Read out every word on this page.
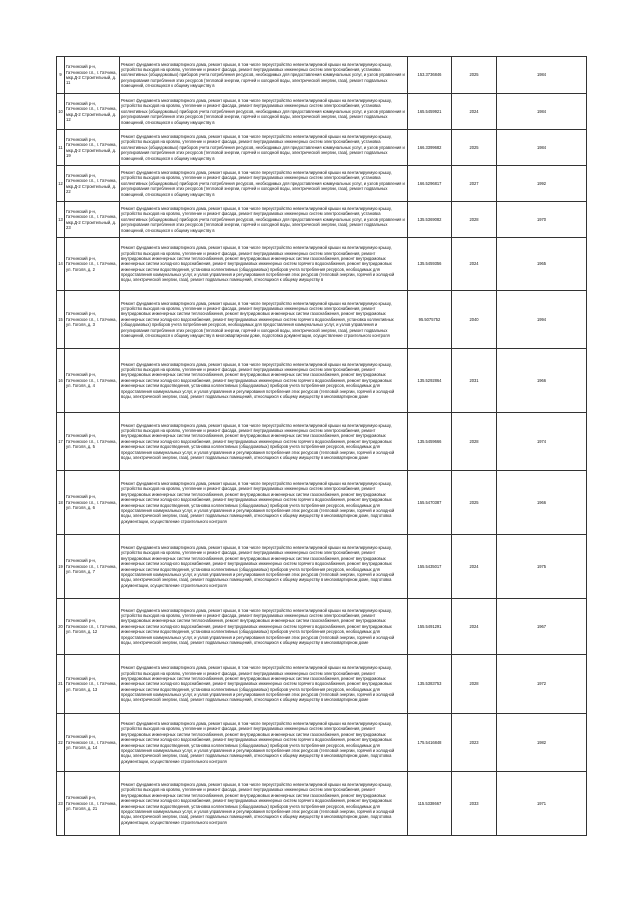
9	Гатчинский р-н, Гатчинское г.п., г. Гатчина, мкр.Д-2 Строительный, д. 11	Ремонт фундамента многоквартирного дома, ремонт крыши, в том числе переустройство невентилируемой крыши на вентилируемую крышу, устройство выходов на кровлю, утепление и ремонт фасада, ремонт внутридомовых инженерных систем электроснабжения, установка коллективных (общедомовых) приборов учета потребления ресурсов, необходимых для предоставления коммунальных услуг, и узлов управления и регулирования потребления этих ресурсов (тепловой энергии, горячей и холодной воды, электрической энергии, газа), ремонт подвальных помещений, относящихся к общему имуществу в	153.3736846	2025	1984
10	Гатчинский р-н, Гатчинское г.п., г. Гатчина, мкр.Д-2 Строительный, д. 12	Ремонт фундамента многоквартирного дома, ремонт крыши, в том числе переустройство невентилируемой крыши на вентилируемую крышу, устройство выходов на кровлю, утепление и ремонт фасада, ремонт внутридомовых инженерных систем электроснабжения, установка коллективных (общедомовых) приборов учета потребления ресурсов, необходимых для предоставления коммунальных услуг, и узлов управления и регулирования потребления этих ресурсов (тепловой энергии, горячей и холодной воды, электрической энергии, газа), ремонт подвальных помещений, относящихся к общему имуществу в	165.5459921	2024	1984
11	Гатчинский р-н, Гатчинское г.п., г. Гатчина, мкр.Д-2 Строительный, д. 19	Ремонт фундамента многоквартирного дома, ремонт крыши, в том числе переустройство невентилируемой крыши на вентилируемую крышу, устройство выходов на кровлю, утепление и ремонт фасада, ремонт внутридомовых инженерных систем электроснабжения, установка коллективных (общедомовых) приборов учета потребления ресурсов, необходимых для предоставления коммунальных услуг, и узлов управления и регулирования потребления этих ресурсов (тепловой энергии, горячей и холодной воды, электрической энергии, газа), ремонт подвальных помещений, относящихся к общему имуществу в	166.3399682	2025	1984
12	Гатчинский р-н, Гатчинское г.п., г. Гатчина, мкр.Д-2 Строительный, д. 22	Ремонт фундамента многоквартирного дома, ремонт крыши, в том числе переустройство невентилируемой крыши на вентилируемую крышу, устройство выходов на кровлю, утепление и ремонт фасада, ремонт внутридомовых инженерных систем электроснабжения, установка коллективных (общедомовых) приборов учета потребления ресурсов, необходимых для предоставления коммунальных услуг, и узлов управления и регулирования потребления этих ресурсов (тепловой энергии, горячей и холодной воды, электрической энергии, газа), ремонт подвальных помещений, относящихся к общему имуществу в	166.5296817	2027	1992
13	Гатчинский р-н, Гатчинское г.п., г. Гатчина, мкр.Д-2 Строительный, д. 23	Ремонт фундамента многоквартирного дома, ремонт крыши, в том числе переустройство невентилируемой крыши на вентилируемую крышу, устройство выходов на кровлю, утепление и ремонт фасада, ремонт внутридомовых инженерных систем электроснабжения, установка коллективных (общедомовых) приборов учета потребления ресурсов, необходимых для предоставления коммунальных услуг, и узлов управления и регулирования потребления этих ресурсов (тепловой энергии, горячей и холодной воды, электрической энергии, газа), ремонт подвальных помещений, относящихся к общему имуществу в	135.5369082	2028	1970
14	Гатчинский р-н, Гатчинское г.п., г. Гатчина, ул. Гоголя, д. 2	Ремонт фундамента многоквартирного дома, ремонт крыши, в том числе переустройство невентилируемой крыши на вентилируемую крышу, устройство выходов на кровлю, утепление и ремонт фасада, ремонт внутридомовых инженерных систем электроснабжения, ремонт внутридомовых инженерных систем теплоснабжения, ремонт внутридомовых инженерных систем газоснабжения, ремонт внутридомовых инженерных систем холодного водоснабжения, ремонт внутридомовых инженерных систем горячего водоснабжения, ремонт внутридомовых инженерных систем водоотведения, установка коллективных (общедомовых) приборов учета потребления ресурсов, необходимых для предоставления коммунальных услуг, и узлов управления и регулирования потребления этих ресурсов (тепловой энергии, горячей и холодной воды, электрической энергии, газа), ремонт подвальных помещений, относящихся к общему имуществу в	135.5459356	2024	1965
15	Гатчинский р-н, Гатчинское г.п., г. Гатчина, ул. Гоголя, д. 3	Ремонт фундамента многоквартирного дома, ремонт крыши, в том числе переустройство невентилируемой крыши на вентилируемую крышу, устройство выходов на кровлю, утепление и ремонт фасада, ремонт внутридомовых инженерных систем электроснабжения, ремонт внутридомовых инженерных систем теплоснабжения, ремонт внутридомовых инженерных систем газоснабжения, ремонт внутридомовых инженерных систем холодного водоснабжения, ремонт внутридомовых инженерных систем горячего водоснабжения, установка коллективных (общедомовых) приборов учета потребления ресурсов, необходимых для предоставления коммунальных услуг, и узлов управления и регулирования потребления этих ресурсов (тепловой энергии, горячей и холодной воды, электрической энергии, газа), ремонт подвальных помещений, относящихся к общему имуществу в многоквартирном доме, подготовка документации, осуществление строительного контроля	95.5075752	2040	1994
16	Гатчинский р-н, Гатчинское г.п., г. Гатчина, ул. Гоголя, д. 4	Ремонт фундамента многоквартирного дома, ремонт крыши, в том числе переустройство невентилируемой крыши на вентилируемую крышу, устройство выходов на кровлю, утепление и ремонт фасада, ремонт внутридомовых инженерных систем электроснабжения, ремонт внутридомовых инженерных систем теплоснабжения, ремонт внутридомовых инженерных систем газоснабжения, ремонт внутридомовых инженерных систем холодного водоснабжения, ремонт внутридомовых инженерных систем горячего водоснабжения, ремонт внутридомовых инженерных систем водоотведения, установка коллективных (общедомовых) приборов учета потребления ресурсов, необходимых для предоставления коммунальных услуг, и узлов управления и регулирования потребления этих ресурсов (тепловой энергии, горячей и холодной воды, электрической энергии, газа), ремонт подвальных помещений, относящихся к общему имуществу в многоквартирном доме	135.5292864	2031	1966
17	Гатчинский р-н, Гатчинское г.п., г. Гатчина, ул. Гоголя, д. 5	Ремонт фундамента многоквартирного дома, ремонт крыши, в том числе переустройство невентилируемой крыши на вентилируемую крышу, устройство выходов на кровлю, утепление и ремонт фасада, ремонт внутридомовых инженерных систем электроснабжения, ремонт внутридомовых инженерных систем теплоснабжения, ремонт внутридомовых инженерных систем газоснабжения, ремонт внутридомовых инженерных систем холодного водоснабжения, ремонт внутридомовых инженерных систем горячего водоснабжения, ремонт внутридомовых инженерных систем водоотведения, установка коллективных (общедомовых) приборов учета потребления ресурсов, необходимых для предоставления коммунальных услуг, и узлов управления и регулирования потребления этих ресурсов (тепловой энергии, горячей и холодной воды, электрической энергии, газа), ремонт подвальных помещений, относящихся к общему имуществу в многоквартирном доме	135.5459666	2028	1974
18	Гатчинский р-н, Гатчинское г.п., г. Гатчина, ул. Гоголя, д. 6	Ремонт фундамента многоквартирного дома, ремонт крыши, в том числе переустройство невентилируемой крыши на вентилируемую крышу, устройство выходов на кровлю, утепление и ремонт фасада, ремонт внутридомовых инженерных систем электроснабжения, ремонт внутридомовых инженерных систем теплоснабжения, ремонт внутридомовых инженерных систем газоснабжения, ремонт внутридомовых инженерных систем холодного водоснабжения, ремонт внутридомовых инженерных систем горячего водоснабжения, ремонт внутридомовых инженерных систем водоотведения, установка коллективных (общедомовых) приборов учета потребления ресурсов, необходимых для предоставления коммунальных услуг, и узлов управления и регулирования потребления этих ресурсов (тепловой энергии, горячей и холодной воды, электрической энергии, газа), ремонт подвальных помещений, относящихся к общему имуществу в многоквартирном доме, подготовка документации, осуществление строительного контроля	155.5470387	2025	1966
19	Гатчинский р-н, Гатчинское г.п., г. Гатчина, ул. Гоголя, д. 7	Ремонт фундамента многоквартирного дома, ремонт крыши, в том числе переустройство невентилируемой крыши на вентилируемую крышу, устройство выходов на кровлю, утепление и ремонт фасада, ремонт внутридомовых инженерных систем электроснабжения, ремонт внутридомовых инженерных систем теплоснабжения, ремонт внутридомовых инженерных систем газоснабжения, ремонт внутридомовых инженерных систем холодного водоснабжения, ремонт внутридомовых инженерных систем горячего водоснабжения, ремонт внутридомовых инженерных систем водоотведения, установка коллективных (общедомовых) приборов учета потребления ресурсов, необходимых для предоставления коммунальных услуг, и узлов управления и регулирования потребления этих ресурсов (тепловой энергии, горячей и холодной воды, электрической энергии, газа), ремонт подвальных помещений, относящихся к общему имуществу в многоквартирном доме, подготовка документации, осуществление строительного контроля	155.5435017	2024	1975
20	Гатчинский р-н, Гатчинское г.п., г. Гатчина, ул. Гоголя, д. 12	Ремонт фундамента многоквартирного дома, ремонт крыши, в том числе переустройство невентилируемой крыши на вентилируемую крышу, устройство выходов на кровлю, утепление и ремонт фасада, ремонт внутридомовых инженерных систем электроснабжения, ремонт внутридомовых инженерных систем теплоснабжения, ремонт внутридомовых инженерных систем газоснабжения, ремонт внутридомовых инженерных систем холодного водоснабжения, ремонт внутридомовых инженерных систем горячего водоснабжения, ремонт внутридомовых инженерных систем водоотведения, установка коллективных (общедомовых) приборов учета потребления ресурсов, необходимых для предоставления коммунальных услуг, и узлов управления и регулирования потребления этих ресурсов (тепловой энергии, горячей и холодной воды, электрической энергии, газа), ремонт подвальных помещений, относящихся к общему имуществу в многоквартирном доме	155.5491291	2024	1967
21	Гатчинский р-н, Гатчинское г.п., г. Гатчина, ул. Гоголя, д. 13	Ремонт фундамента многоквартирного дома, ремонт крыши, в том числе переустройство невентилируемой крыши на вентилируемую крышу, устройство выходов на кровлю, утепление и ремонт фасада, ремонт внутридомовых инженерных систем электроснабжения, ремонт внутридомовых инженерных систем теплоснабжения, ремонт внутридомовых инженерных систем газоснабжения, ремонт внутридомовых инженерных систем холодного водоснабжения, ремонт внутридомовых инженерных систем горячего водоснабжения, ремонт внутридомовых инженерных систем водоотведения, установка коллективных (общедомовых) приборов учета потребления ресурсов, необходимых для предоставления коммунальных услуг, и узлов управления и регулирования потребления этих ресурсов (тепловой энергии, горячей и холодной воды, электрической энергии, газа), ремонт подвальных помещений, относящихся к общему имуществу в многоквартирном доме	135.5383753	2028	1972
22	Гатчинский р-н, Гатчинское г.п., г. Гатчина, ул. Гоголя, д. 14	Ремонт фундамента многоквартирного дома, ремонт крыши, в том числе переустройство невентилируемой крыши на вентилируемую крышу, устройство выходов на кровлю, утепление и ремонт фасада, ремонт внутридомовых инженерных систем электроснабжения, ремонт внутридомовых инженерных систем теплоснабжения, ремонт внутридомовых инженерных систем газоснабжения, ремонт внутридомовых инженерных систем холодного водоснабжения, ремонт внутридомовых инженерных систем горячего водоснабжения, ремонт внутридомовых инженерных систем водоотведения, установка коллективных (общедомовых) приборов учета потребления ресурсов, необходимых для предоставления коммунальных услуг, и узлов управления и регулирования потребления этих ресурсов (тепловой энергии, горячей и холодной воды, электрической энергии, газа), ремонт подвальных помещений, относящихся к общему имуществу в многоквартирном доме, подготовка документации, осуществление строительного контроля	175.5416848	2023	1982
23	Гатчинский р-н, Гатчинское г.п., г. Гатчина, ул. Гоголя, д. 21	Ремонт фундамента многоквартирного дома, ремонт крыши, в том числе переустройство невентилируемой крыши на вентилируемую крышу, устройство выходов на кровлю, утепление и ремонт фасада, ремонт внутридомовых инженерных систем электроснабжения, ремонт внутридомовых инженерных систем теплоснабжения, ремонт внутридомовых инженерных систем газоснабжения, ремонт внутридомовых инженерных систем холодного водоснабжения, ремонт внутридомовых инженерных систем горячего водоснабжения, ремонт внутридомовых инженерных систем водоотведения, установка коллективных (общедомовых) приборов учета потребления ресурсов, необходимых для предоставления коммунальных услуг, и узлов управления и регулирования потребления этих ресурсов (тепловой энергии, горячей и холодной воды, электрической энергии, газа), ремонт подвальных помещений, относящихся к общему имуществу в многоквартирном доме, подготовка документации, осуществление строительного контроля	115.5338667	2033	1971
